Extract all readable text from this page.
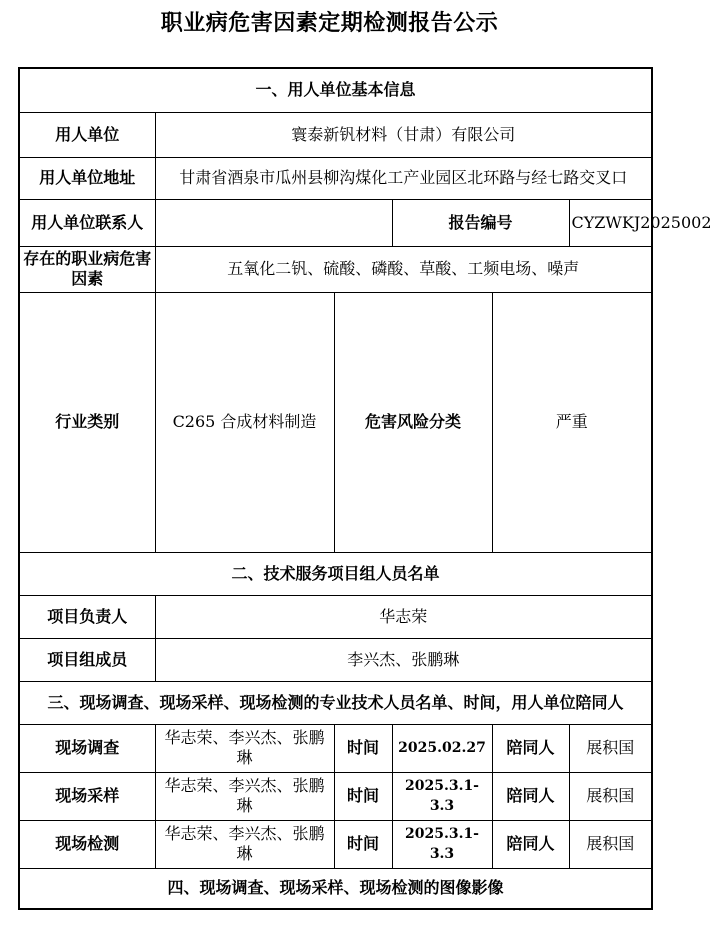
职业病危害因素定期检测报告公示
一、用人单位基本信息					
用人单位	寰泰新钒材料（甘肃）有限公司				
用人单位地址	甘肃省酒泉市瓜州县柳沟煤化工产业园区北环路与经七路交叉口				
用人单位联系人			报告编号		CYZWKJ2025002
存在的职业病危害因素	五氧化二钒、硫酸、磷酸、草酸、工频电场、噪声				
行业类别	C265 合成材料制造	危害风险分类		严重	
二、技术服务项目组人员名单					
项目负责人	华志荣				
项目组成员	李兴杰、张鹏琳				
三、现场调查、现场采样、现场检测的专业技术人员名单、时间，用人单位陪同人					
现场调查	华志荣、李兴杰、张鹏琳	时间	2025.02.27	陪同人	展积国
现场采样	华志荣、李兴杰、张鹏琳	时间	2025.3.1-3.3	陪同人	展积国
现场检测	华志荣、李兴杰、张鹏琳	时间	2025.3.1-3.3	陪同人	展积国
四、现场调查、现场采样、现场检测的图像影像					
